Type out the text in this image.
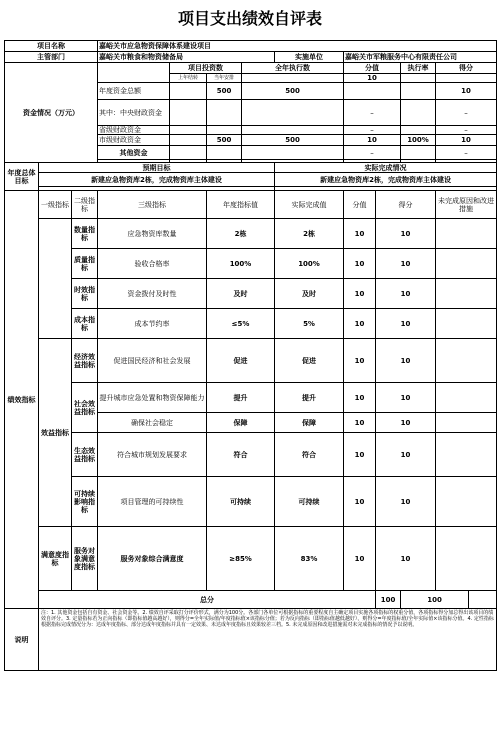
项目支出绩效自评表
项目名称			嘉峪关市应急物资保障体系建设项目									
主管部门			嘉峪关市粮食和物资储备局				实施单位	嘉峪关市军粮服务中心有限责任公司				
资金情况（万元）				项目投资数		全年执行数		分值		执行率	得分	
				上年结转	当年安排			10				
			年度资金总额		500	500					10	
			其中：中央财政资金					–			–	
			省级财政资金					–			–	
			市级财政资金		500	500		10		100%	10	
			其他资金					–			–	

年度总体目标	预期目标						实际完成情况					
	新建应急物资库2栋，完成物资库主体建设						新建应急物资库2栋，完成物资库主体建设					

绩效指标	一级指标	二级指标	三级指标		年度指标值		实际完成值	分值	得分		未完成原因和改进措施	
		数量指标	应急物资库数量		2栋		2栋	10	10			
		质量指标	验收合格率		100%		100%	10	10			
		时效指标	资金拨付及时性		及时		及时	10	10			
		成本指标	成本节约率		≤5%		5%	10	10			
	效益指标	经济效益指标	促进国民经济和社会发展		促进		促进	10	10			
		社会效益指标	提升城市应急处置和物资保障能力		提升		提升	10	10			
			确保社会稳定		保障		保障	10	10			
		生态效益指标	符合城市规划发展要求		符合		符合	10	10			
		可持续影响指标	项目管理的可持续性		可持续		可持续	10	10			
	满意度指标	服务对象满意度指标	服务对象综合满意度		≥85%		83%	10	10			
	总分								100	100		
说明	注：1. 其他资金包括自有资金、社会资金等。2. 绩效自评采取打分评价形式，满分为100分。各部门各单位可根据指标的重要程度自主确定项目实施各项指标的权重分值，各项指标得分加总得出该项目的绩效自评分。3. 定量指标若为正向指标（即指标值越高越好），则得分=全年实际值/年度指标值×该指标分值；若为反向指标（即指标值越低越好），则得分=年度指标值/全年实际值×该指标分值。4. 定性指标根据指标完成情况分为：达成年度指标、部分达成年度指标并具有一定效果、未达成年度指标且效果较差三档。5. 未完成原因和改进措施需对未完成指标的情况予以说明。											
